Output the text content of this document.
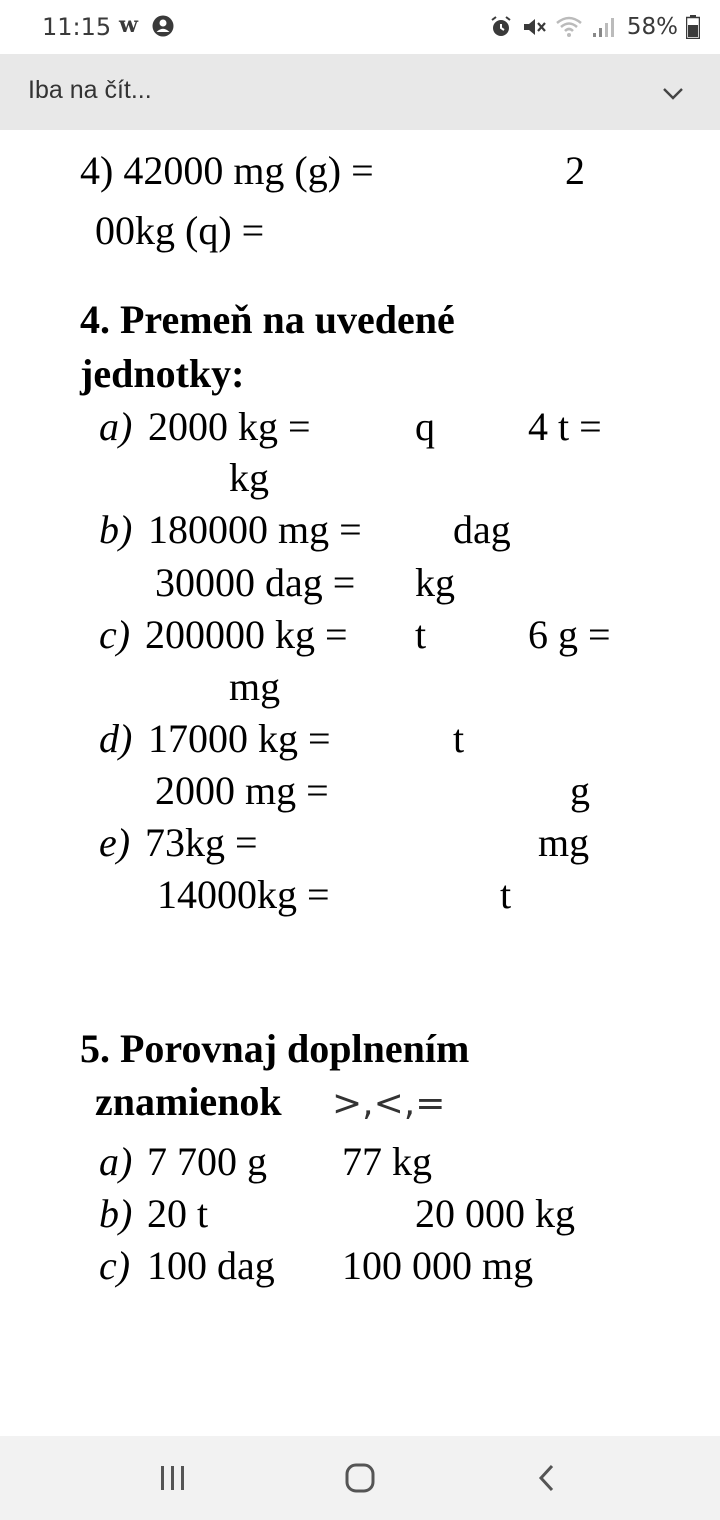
11:15 w	58%
Iba na čít...
4) 42000 mg (g) =	2
00kg (q) =
4. Premeň na uvedené
jednotky:
a) 2000 kg =	q 4 t =
kg
b) 180000 mg = dag
30000 dag = kg
c) 200000 kg = t	6 g =
mg
d) 17000 kg =	t
2000 mg =	g
e) 73kg =	mg
14000kg =	t
5. Porovnaj doplnením
znamienok >,<,=
a) 7 700 g 77 kg
b) 20 t	20 000 kg
c) 100 dag 100 000 mg
